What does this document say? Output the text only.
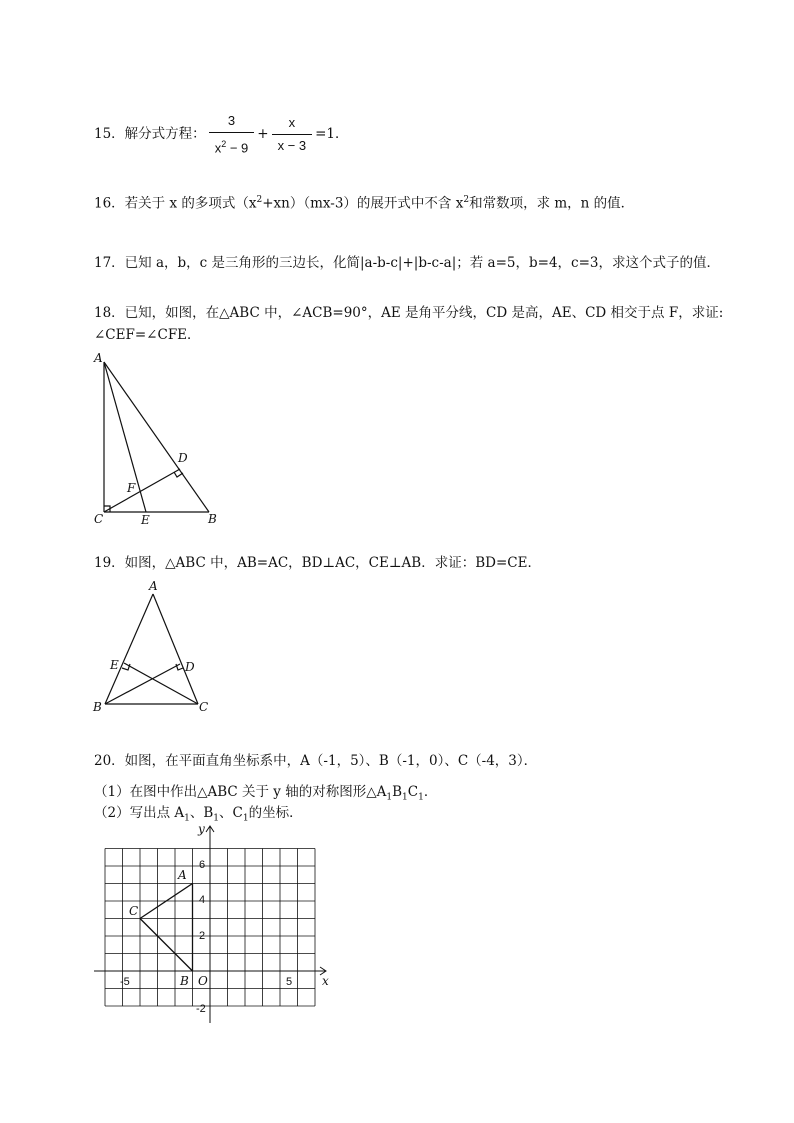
15．解分式方程： $\frac{3}{x^2 - 9} + \frac{x}{x - 3} =1$．
16．若关于 x 的多项式$(x^2+xn)(mx-3)$的展开式中不含 $x^2$和常数项，求 m，n 的值．
17．已知 a，b，c 是三角形的三边长，化简|a-b-c|+|b-c-a|；若 a=5，b=4，c=3，求这个式子的值．
18．已知，如图，在△ABC 中，∠ACB=90°，AE 是角平分线，CD 是高，AE、CD 相交于点 F，求证:
∠CEF=∠CFE．
A
B
C
D
E
F
19．如图，△ABC 中，AB=AC，BD⊥AC，CE⊥AB．求证：BD=CE．
A
B	C
D
E
20．如图，在平面直角坐标系中，A（-1，5）、B（-1，0）、C（-4，3）．
（1）在图中作出△ABC 关于 y 轴的对称图形$\triangle A_1B_1C_1$．
（2）写出点 $A_1$、$B_1$、$C_1$的坐标．
x
y
O
6
4
2
-2
-5	5
A
B
C
